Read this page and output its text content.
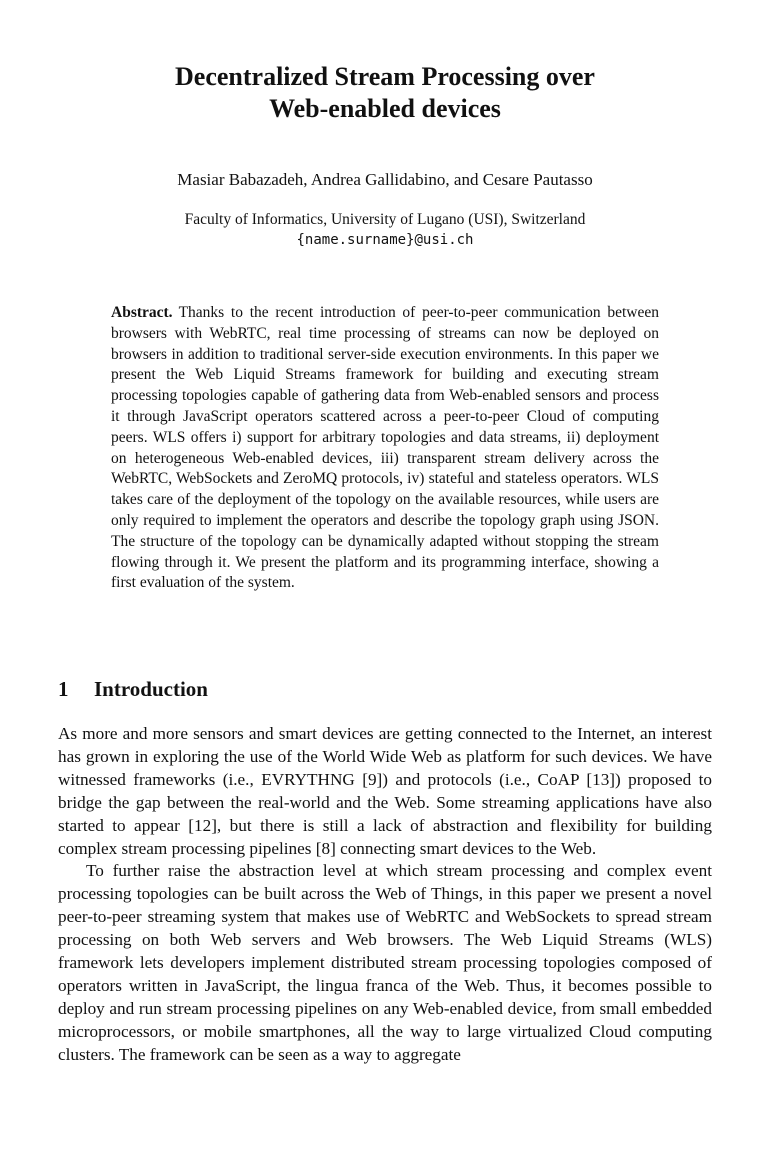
Decentralized Stream Processing over
Web-enabled devices
Masiar Babazadeh, Andrea Gallidabino, and Cesare Pautasso
Faculty of Informatics, University of Lugano (USI), Switzerland
{name.surname}@usi.ch
Abstract. Thanks to the recent introduction of peer-to-peer communication between browsers with WebRTC, real time processing of streams can now be deployed on browsers in addition to traditional server-side execution environments. In this paper we present the Web Liquid Streams framework for building and executing stream processing topologies capable of gathering data from Web-enabled sensors and process it through JavaScript operators scattered across a peer-to-peer Cloud of computing peers. WLS offers i) support for arbitrary topologies and data streams, ii) deployment on heterogeneous Web-enabled devices, iii) transparent stream delivery across the WebRTC, WebSockets and ZeroMQ protocols, iv) stateful and stateless operators. WLS takes care of the deployment of the topology on the available resources, while users are only required to implement the operators and describe the topology graph using JSON. The structure of the topology can be dynamically adapted without stopping the stream flowing through it. We present the platform and its programming interface, showing a first evaluation of the system.
1 Introduction

As more and more sensors and smart devices are getting connected to the Internet, an interest has grown in exploring the use of the World Wide Web as platform for such devices. We have witnessed frameworks (i.e., EVRYTHNG [9]) and protocols (i.e., CoAP [13]) proposed to bridge the gap between the real-world and the Web. Some streaming applications have also started to appear [12], but there is still a lack of abstraction and flexibility for building complex stream processing pipelines [8] connecting smart devices to the Web.

To further raise the abstraction level at which stream processing and complex event processing topologies can be built across the Web of Things, in this paper we present a novel peer-to-peer streaming system that makes use of WebRTC and WebSockets to spread stream processing on both Web servers and Web browsers. The Web Liquid Streams (WLS) framework lets developers implement distributed stream processing topologies composed of operators written in JavaScript, the lingua franca of the Web. Thus, it becomes possible to deploy and run stream processing pipelines on any Web-enabled device, from small embedded microprocessors, or mobile smartphones, all the way to large virtualized Cloud computing clusters. The framework can be seen as a way to aggregate
